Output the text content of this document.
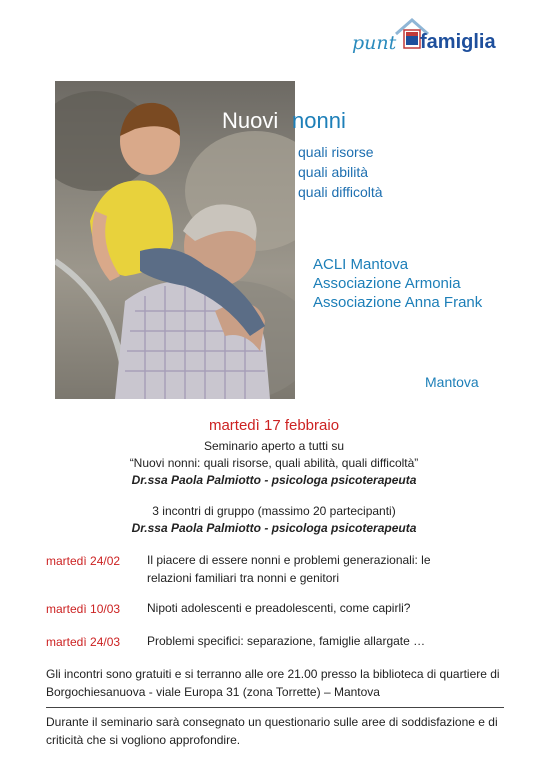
punt famiglia
Nuovi nonni
quali risorse
quali abilità
quali difficoltà
ACLI Mantova
Associazione Armonia
Associazione Anna Frank
Mantova
martedì 17 febbraio
Seminario aperto a tutti su
“Nuovi nonni: quali risorse, quali abilità, quali difficoltà”
Dr.ssa Paola Palmiotto - psicologa psicoterapeuta
3 incontri di gruppo (massimo 20 partecipanti)
Dr.ssa Paola Palmiotto - psicologa psicoterapeuta
martedì 24/02 Il piacere di essere nonni e problemi generazionali: le relazioni familiari tra nonni e genitori
martedì 10/03 Nipoti adolescenti e preadolescenti, come capirli?
martedì 24/03 Problemi specifici: separazione, famiglie allargate …
Gli incontri sono gratuiti e si terranno alle ore 21.00 presso la biblioteca di quartiere di Borgochiesanuova - viale Europa 31 (zona Torrette) – Mantova
Durante il seminario sarà consegnato un questionario sulle aree di soddisfazione e di criticità che si vogliono approfondire.
